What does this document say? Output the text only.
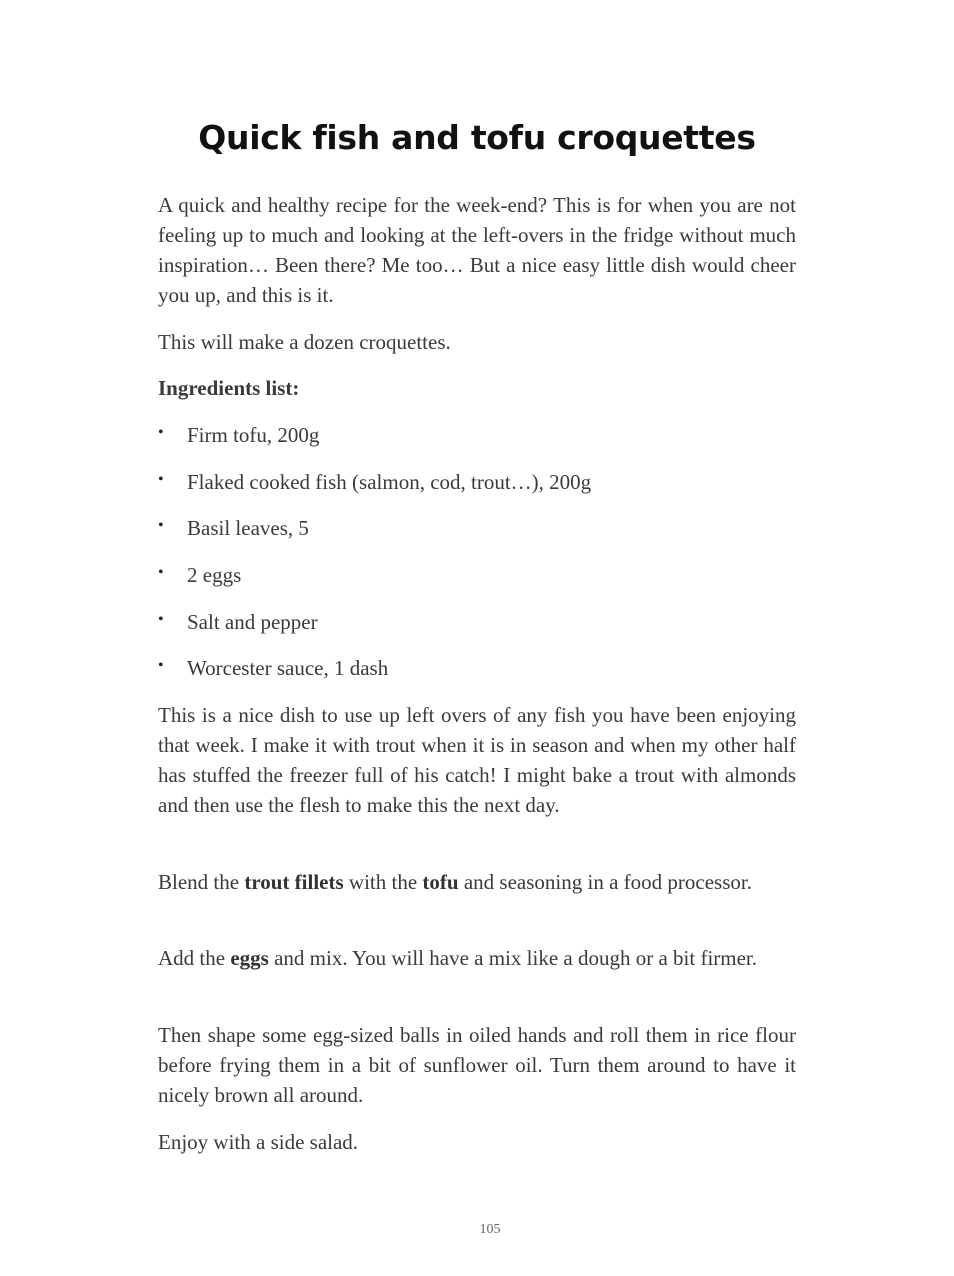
Quick fish and tofu croquettes

A quick and healthy recipe for the week-end? This is for when you are not feeling up to much and looking at the left-overs in the fridge without much inspiration… Been there? Me too… But a nice easy little dish would cheer you up, and this is it.

This will make a dozen croquettes.

Ingredients list:

• Firm tofu, 200g
• Flaked cooked fish (salmon, cod, trout…), 200g
• Basil leaves, 5
• 2 eggs
• Salt and pepper
• Worcester sauce, 1 dash

This is a nice dish to use up left overs of any fish you have been enjoying that week. I make it with trout when it is in season and when my other half has stuffed the freezer full of his catch! I might bake a trout with almonds and then use the flesh to make this the next day.

Blend the trout fillets with the tofu and seasoning in a food processor.

Add the eggs and mix. You will have a mix like a dough or a bit firmer.

Then shape some egg-sized balls in oiled hands and roll them in rice flour before frying them in a bit of sunflower oil. Turn them around to have it nicely brown all around.

Enjoy with a side salad.

105
